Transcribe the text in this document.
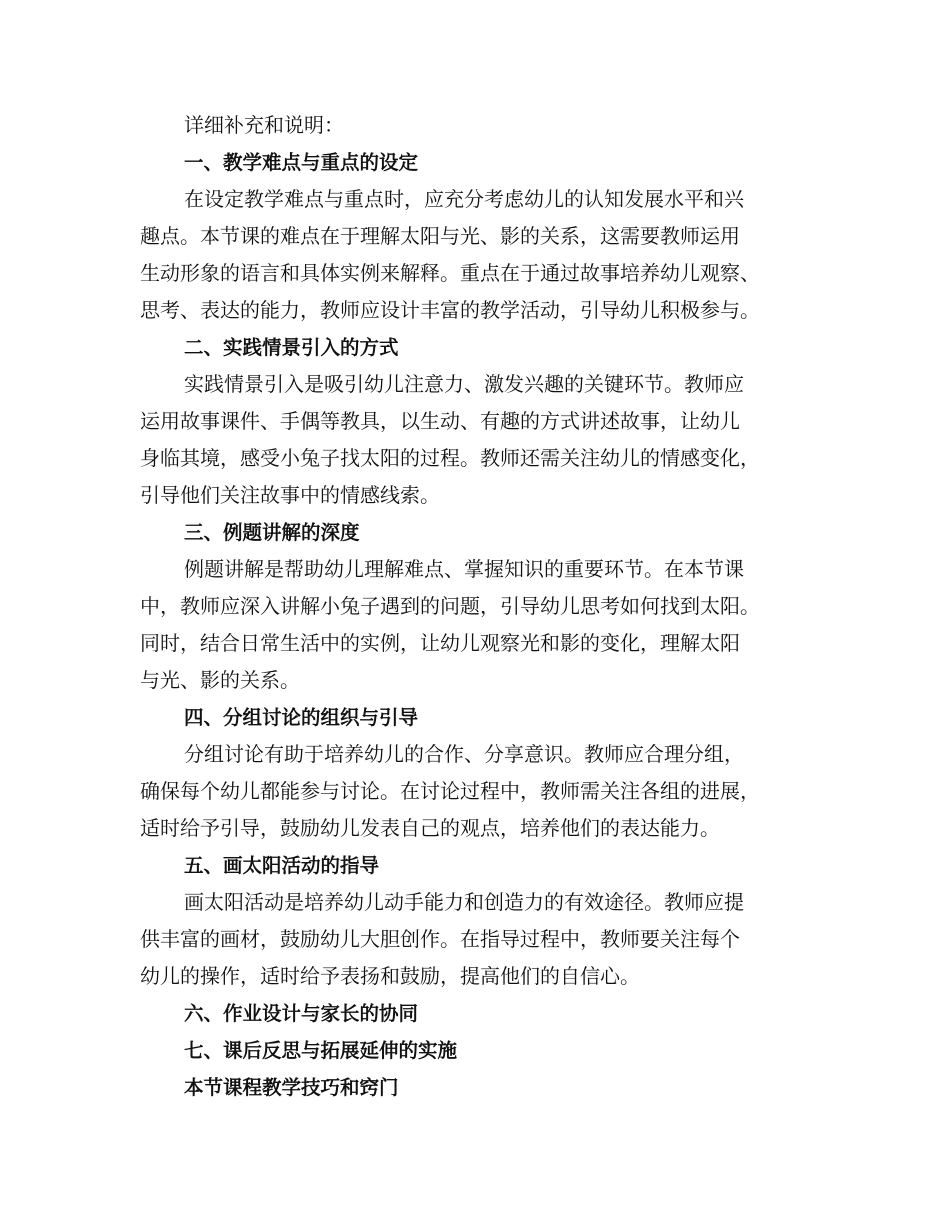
详细补充和说明：
一、教学难点与重点的设定
在设定教学难点与重点时，应充分考虑幼儿的认知发展水平和兴
趣点。本节课的难点在于理解太阳与光、影的关系，这需要教师运用
生动形象的语言和具体实例来解释。重点在于通过故事培养幼儿观察、
思考、表达的能力，教师应设计丰富的教学活动，引导幼儿积极参与。
二、实践情景引入的方式
实践情景引入是吸引幼儿注意力、激发兴趣的关键环节。教师应
运用故事课件、手偶等教具，以生动、有趣的方式讲述故事，让幼儿
身临其境，感受小兔子找太阳的过程。教师还需关注幼儿的情感变化，
引导他们关注故事中的情感线索。
三、例题讲解的深度
例题讲解是帮助幼儿理解难点、掌握知识的重要环节。在本节课
中，教师应深入讲解小兔子遇到的问题，引导幼儿思考如何找到太阳。
同时，结合日常生活中的实例，让幼儿观察光和影的变化，理解太阳
与光、影的关系。
四、分组讨论的组织与引导
分组讨论有助于培养幼儿的合作、分享意识。教师应合理分组，
确保每个幼儿都能参与讨论。在讨论过程中，教师需关注各组的进展，
适时给予引导，鼓励幼儿发表自己的观点，培养他们的表达能力。
五、画太阳活动的指导
画太阳活动是培养幼儿动手能力和创造力的有效途径。教师应提
供丰富的画材，鼓励幼儿大胆创作。在指导过程中，教师要关注每个
幼儿的操作，适时给予表扬和鼓励，提高他们的自信心。
六、作业设计与家长的协同
七、课后反思与拓展延伸的实施
本节课程教学技巧和窍门
